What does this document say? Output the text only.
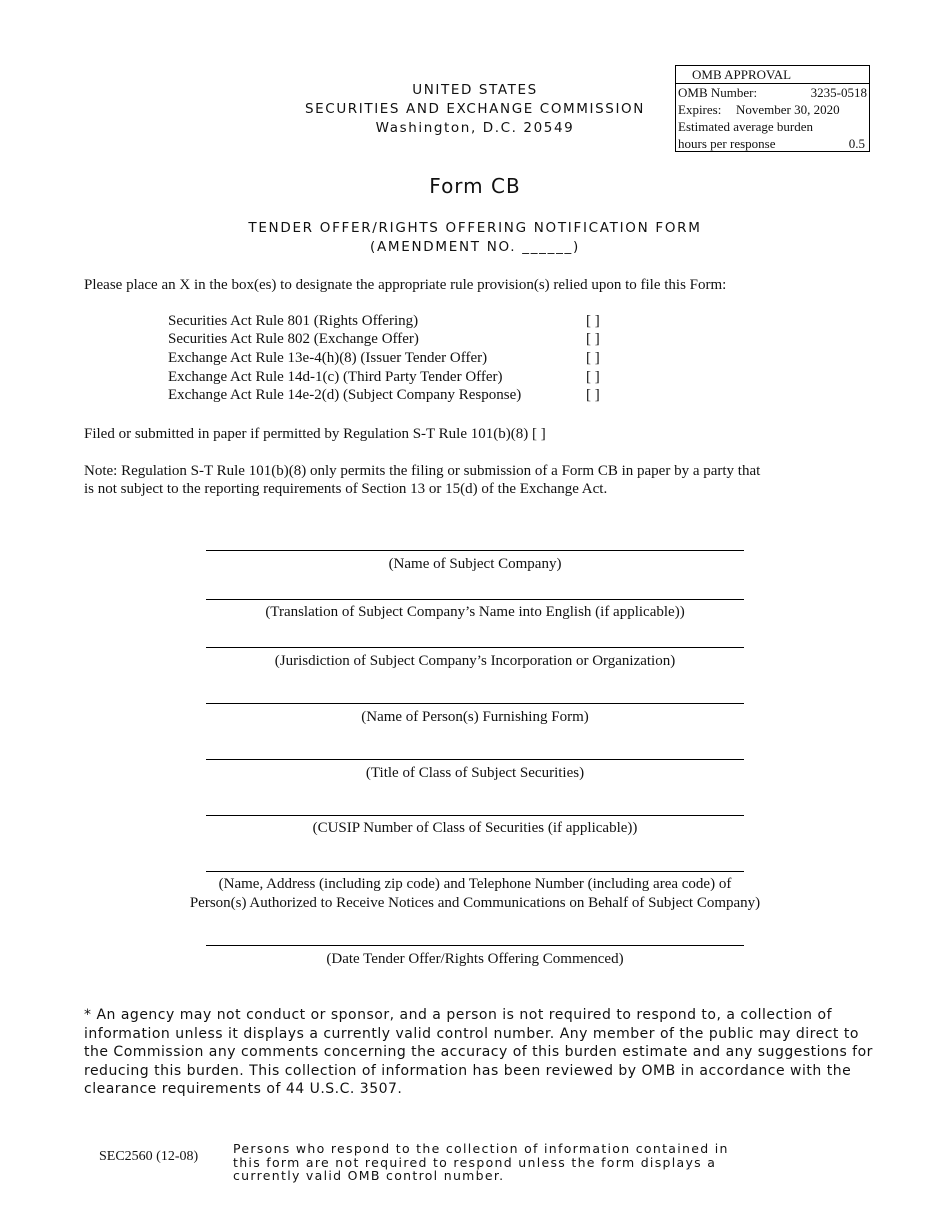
UNITED STATES
SECURITIES AND EXCHANGE COMMISSION
Washington, D.C. 20549
OMB APPROVAL
OMB Number:	3235-0518
Expires: November 30, 2020
Estimated average burden
hours per response	0.5
Form CB
TENDER OFFER/RIGHTS OFFERING NOTIFICATION FORM
(AMENDMENT NO. ______)
Please place an X in the box(es) to designate the appropriate rule provision(s) relied upon to file this Form:
Securities Act Rule 801 (Rights Offering)	[ ]
Securities Act Rule 802 (Exchange Offer)	[ ]
Exchange Act Rule 13e-4(h)(8) (Issuer Tender Offer)	[ ]
Exchange Act Rule 14d-1(c) (Third Party Tender Offer)	[ ]
Exchange Act Rule 14e-2(d) (Subject Company Response)	[ ]
Filed or submitted in paper if permitted by Regulation S-T Rule 101(b)(8) [ ]
Note: Regulation S-T Rule 101(b)(8) only permits the filing or submission of a Form CB in paper by a party that
is not subject to the reporting requirements of Section 13 or 15(d) of the Exchange Act.
(Name of Subject Company)
(Translation of Subject Company’s Name into English (if applicable))
(Jurisdiction of Subject Company’s Incorporation or Organization)
(Name of Person(s) Furnishing Form)
(Title of Class of Subject Securities)
(CUSIP Number of Class of Securities (if applicable))
(Name, Address (including zip code) and Telephone Number (including area code) of
Person(s) Authorized to Receive Notices and Communications on Behalf of Subject Company)
(Date Tender Offer/Rights Offering Commenced)
* An agency may not conduct or sponsor, and a person is not required to respond to, a collection of information unless it displays a currently valid control number. Any member of the public may direct to the Commission any comments concerning the accuracy of this burden estimate and any suggestions for reducing this burden. This collection of information has been reviewed by OMB in accordance with the clearance requirements of 44 U.S.C. 3507.
SEC2560 (12-08)
Persons who respond to the collection of information contained in this form are not required to respond unless the form displays a currently valid OMB control number.
